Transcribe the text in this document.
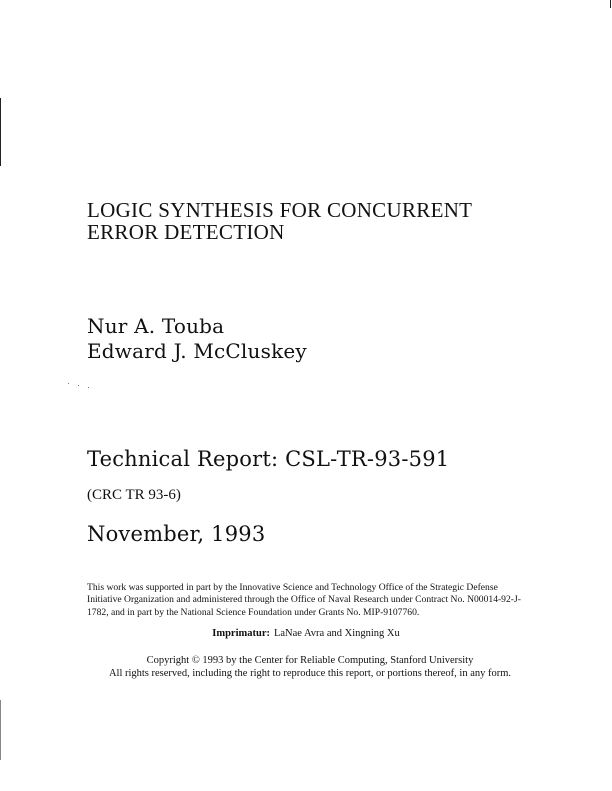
LOGIC SYNTHESIS FOR CONCURRENT
ERROR DETECTION
Nur A. Touba
Edward J. McCluskey
Technical Report: CSL-TR-93-591
(CRC TR 93-6)
November, 1993

This work was supported in part by the Innovative Science and Technology Office of the Strategic Defense Initiative Organization and administered through the Office of Naval Research under Contract No. N00014-92-J-1782, and in part by the National Science Foundation under Grants No. MIP-9107760.

Imprimatur: LaNae Avra and Xingning Xu
Copyright © 1993 by the Center for Reliable Computing, Stanford University
All rights reserved, including the right to reproduce this report, or portions thereof, in any form.
